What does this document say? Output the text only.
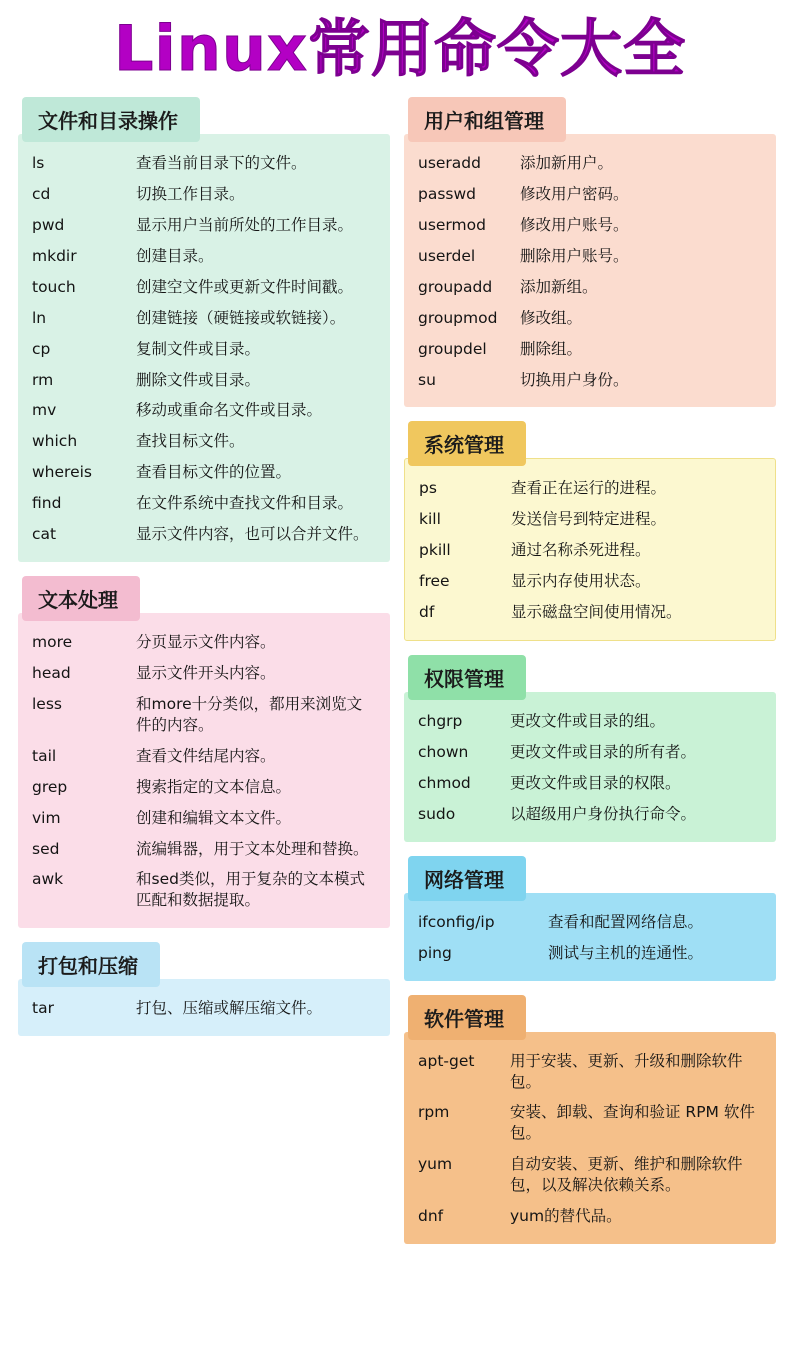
Linux常用命令大全
文件和目录操作
ls	查看当前目录下的文件。
cd	切换工作目录。
pwd	显示用户当前所处的工作目录。
mkdir	创建目录。
touch	创建空文件或更新文件时间戳。
ln	创建链接（硬链接或软链接）。
cp	复制文件或目录。
rm	删除文件或目录。
mv	移动或重命名文件或目录。
which	查找目标文件。
whereis	查看目标文件的位置。
find	在文件系统中查找文件和目录。
cat	显示文件内容，也可以合并文件。
文本处理
more	分页显示文件内容。
head	显示文件开头内容。
less	和more十分类似，都用来浏览文件的内容。
tail	查看文件结尾内容。
grep	搜索指定的文本信息。
vim	创建和编辑文本文件。
sed	流编辑器，用于文本处理和替换。
awk	和sed类似，用于复杂的文本模式匹配和数据提取。
打包和压缩
tar	打包、压缩或解压缩文件。
用户和组管理
useradd	添加新用户。
passwd	修改用户密码。
usermod	修改用户账号。
userdel	删除用户账号。
groupadd	添加新组。
groupmod	修改组。
groupdel	删除组。
su	切换用户身份。
系统管理
ps	查看正在运行的进程。
kill	发送信号到特定进程。
pkill	通过名称杀死进程。
free	显示内存使用状态。
df	显示磁盘空间使用情况。
权限管理
chgrp	更改文件或目录的组。
chown	更改文件或目录的所有者。
chmod	更改文件或目录的权限。
sudo	以超级用户身份执行命令。
网络管理
ifconfig/ip	查看和配置网络信息。
ping	测试与主机的连通性。
软件管理
apt-get	用于安装、更新、升级和删除软件包。
rpm	安装、卸载、查询和验证 RPM 软件包。
yum	自动安装、更新、维护和删除软件包，以及解决依赖关系。
dnf	yum的替代品。
